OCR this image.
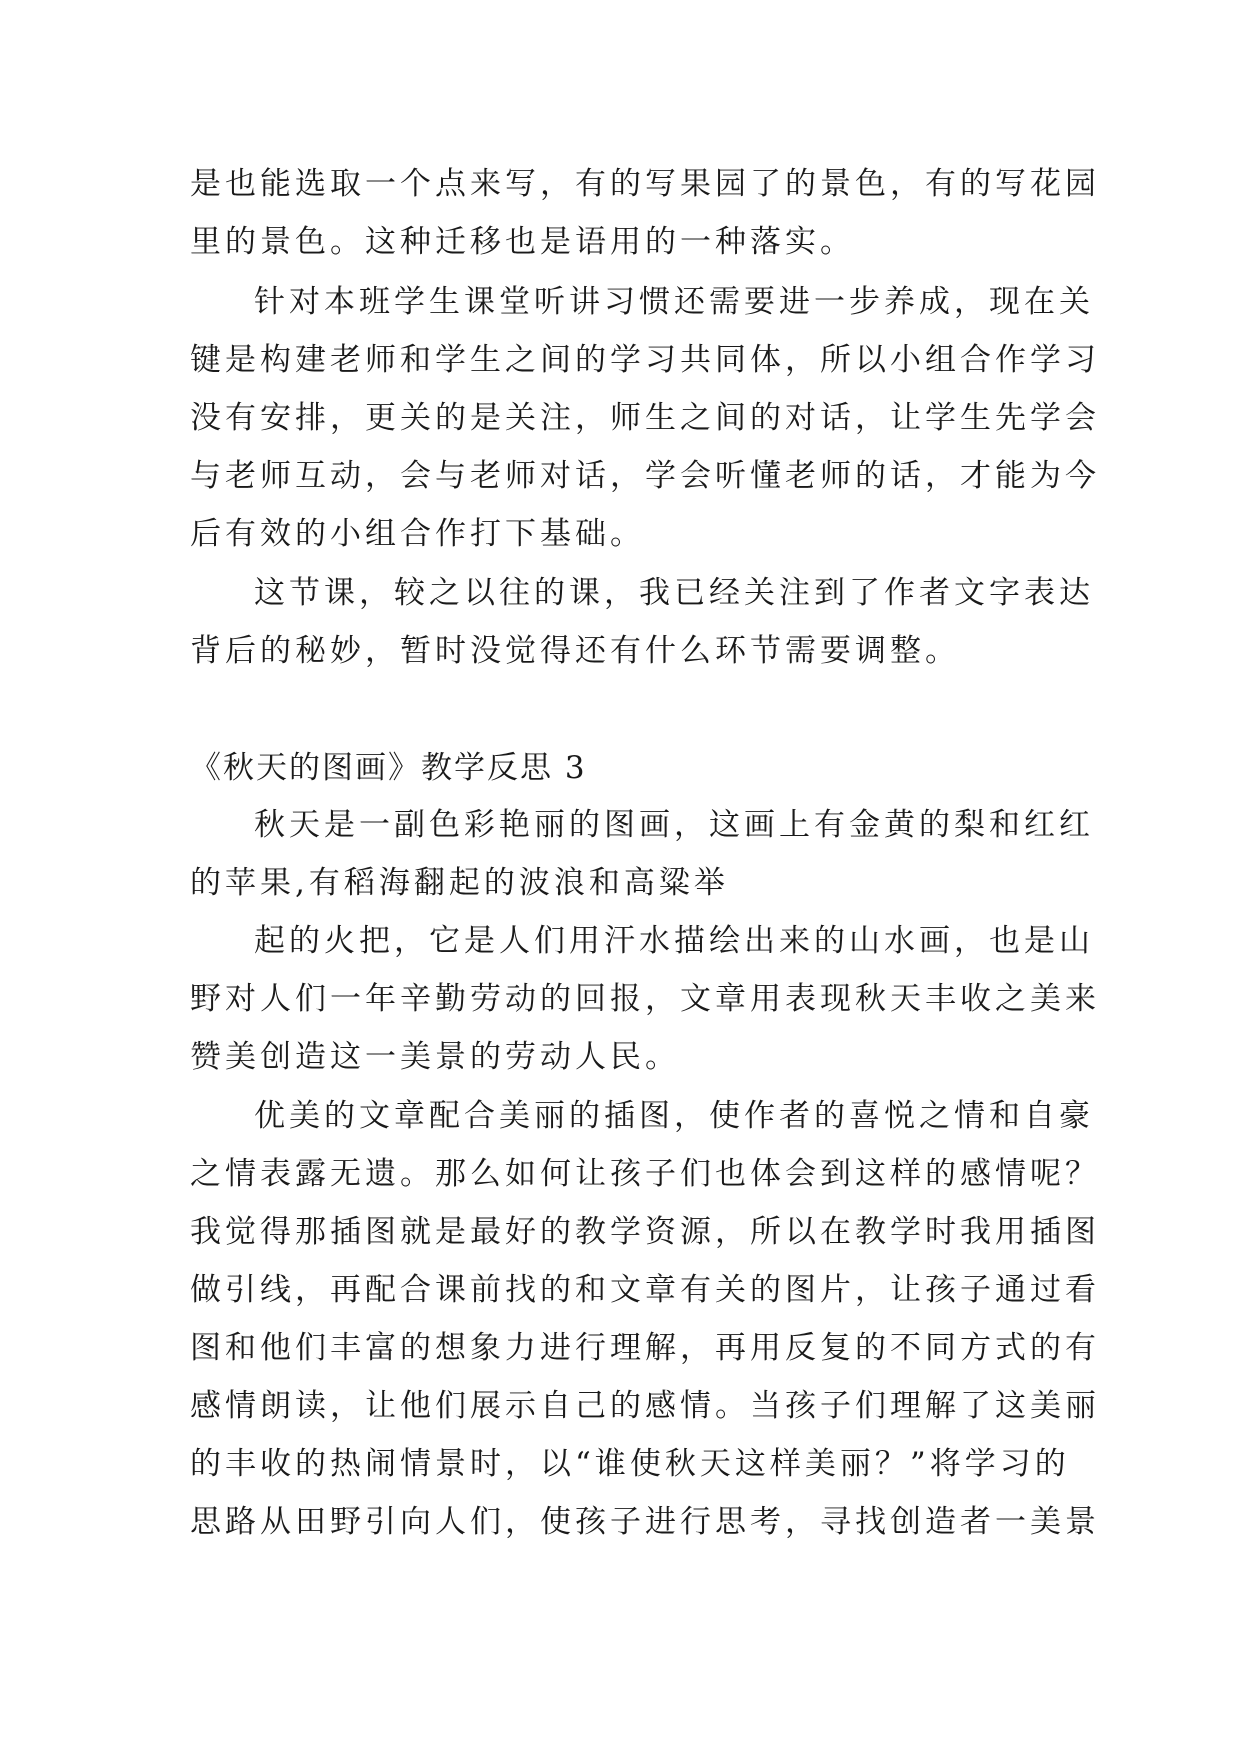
是也能选取一个点来写，有的写果园了的景色，有的写花园
里的景色。这种迁移也是语用的一种落实。
针对本班学生课堂听讲习惯还需要进一步养成，现在关
键是构建老师和学生之间的学习共同体，所以小组合作学习
没有安排，更关的是关注，师生之间的对话，让学生先学会
与老师互动，会与老师对话，学会听懂老师的话，才能为今
后有效的小组合作打下基础。
这节课，较之以往的课，我已经关注到了作者文字表达
背后的秘妙，暂时没觉得还有什么环节需要调整。
《秋天的图画》教学反思 3
秋天是一副色彩艳丽的图画，这画上有金黄的梨和红红
的苹果,有稻海翻起的波浪和高粱举
起的火把，它是人们用汗水描绘出来的山水画，也是山
野对人们一年辛勤劳动的回报，文章用表现秋天丰收之美来
赞美创造这一美景的劳动人民。
优美的文章配合美丽的插图，使作者的喜悦之情和自豪
之情表露无遗。那么如何让孩子们也体会到这样的感情呢？
我觉得那插图就是最好的教学资源，所以在教学时我用插图
做引线，再配合课前找的和文章有关的图片，让孩子通过看
图和他们丰富的想象力进行理解，再用反复的不同方式的有
感情朗读，让他们展示自己的感情。当孩子们理解了这美丽
的丰收的热闹情景时，以“谁使秋天这样美丽？”将学习的
思路从田野引向人们，使孩子进行思考，寻找创造者一美景
